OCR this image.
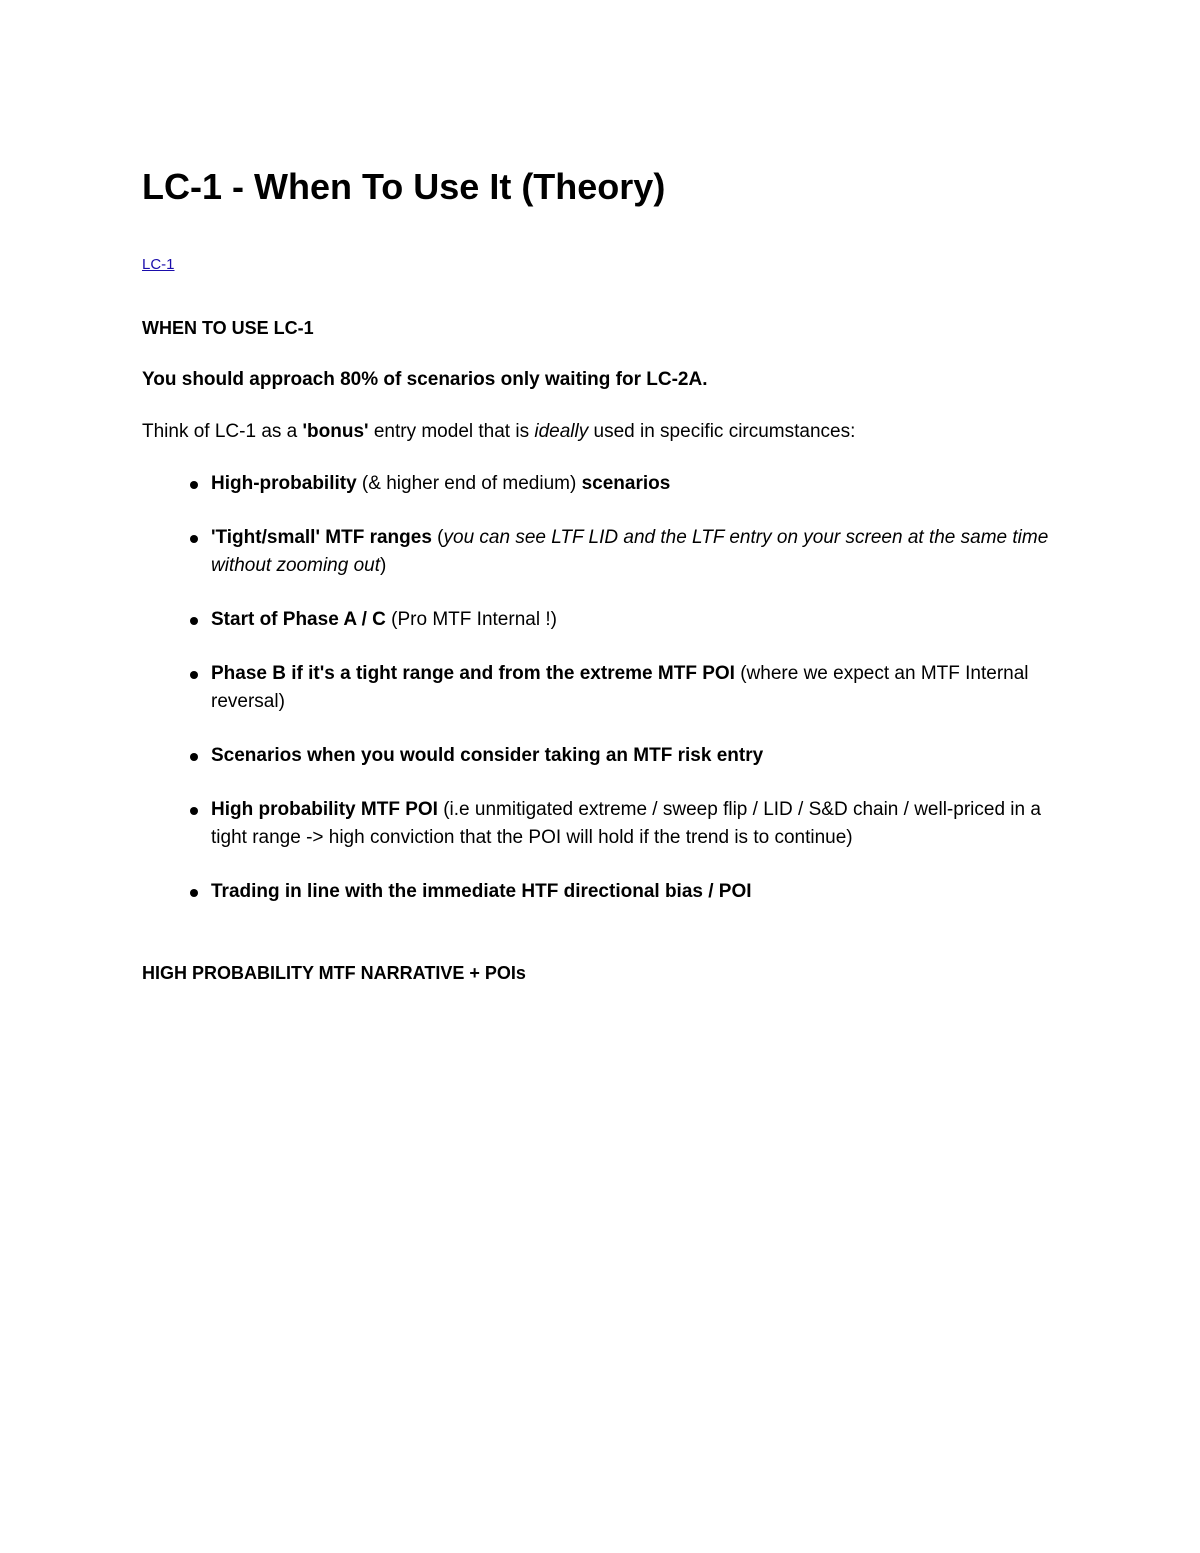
LC-1 - When To Use It (Theory)
LC-1
WHEN TO USE LC-1

You should approach 80% of scenarios only waiting for LC-2A.

Think of LC-1 as a 'bonus' entry model that is ideally used in specific circumstances:

High-probability (& higher end of medium) scenarios
'Tight/small' MTF ranges (you can see LTF LID and the LTF entry on your screen at the same time without zooming out)
Start of Phase A / C (Pro MTF Internal !)
Phase B if it's a tight range and from the extreme MTF POI (where we expect an MTF Internal reversal)
Scenarios when you would consider taking an MTF risk entry
High probability MTF POI (i.e unmitigated extreme / sweep flip / LID / S&D chain / well-priced in a tight range -> high conviction that the POI will hold if the trend is to continue)
Trading in line with the immediate HTF directional bias / POI
HIGH PROBABILITY MTF NARRATIVE + POIs
